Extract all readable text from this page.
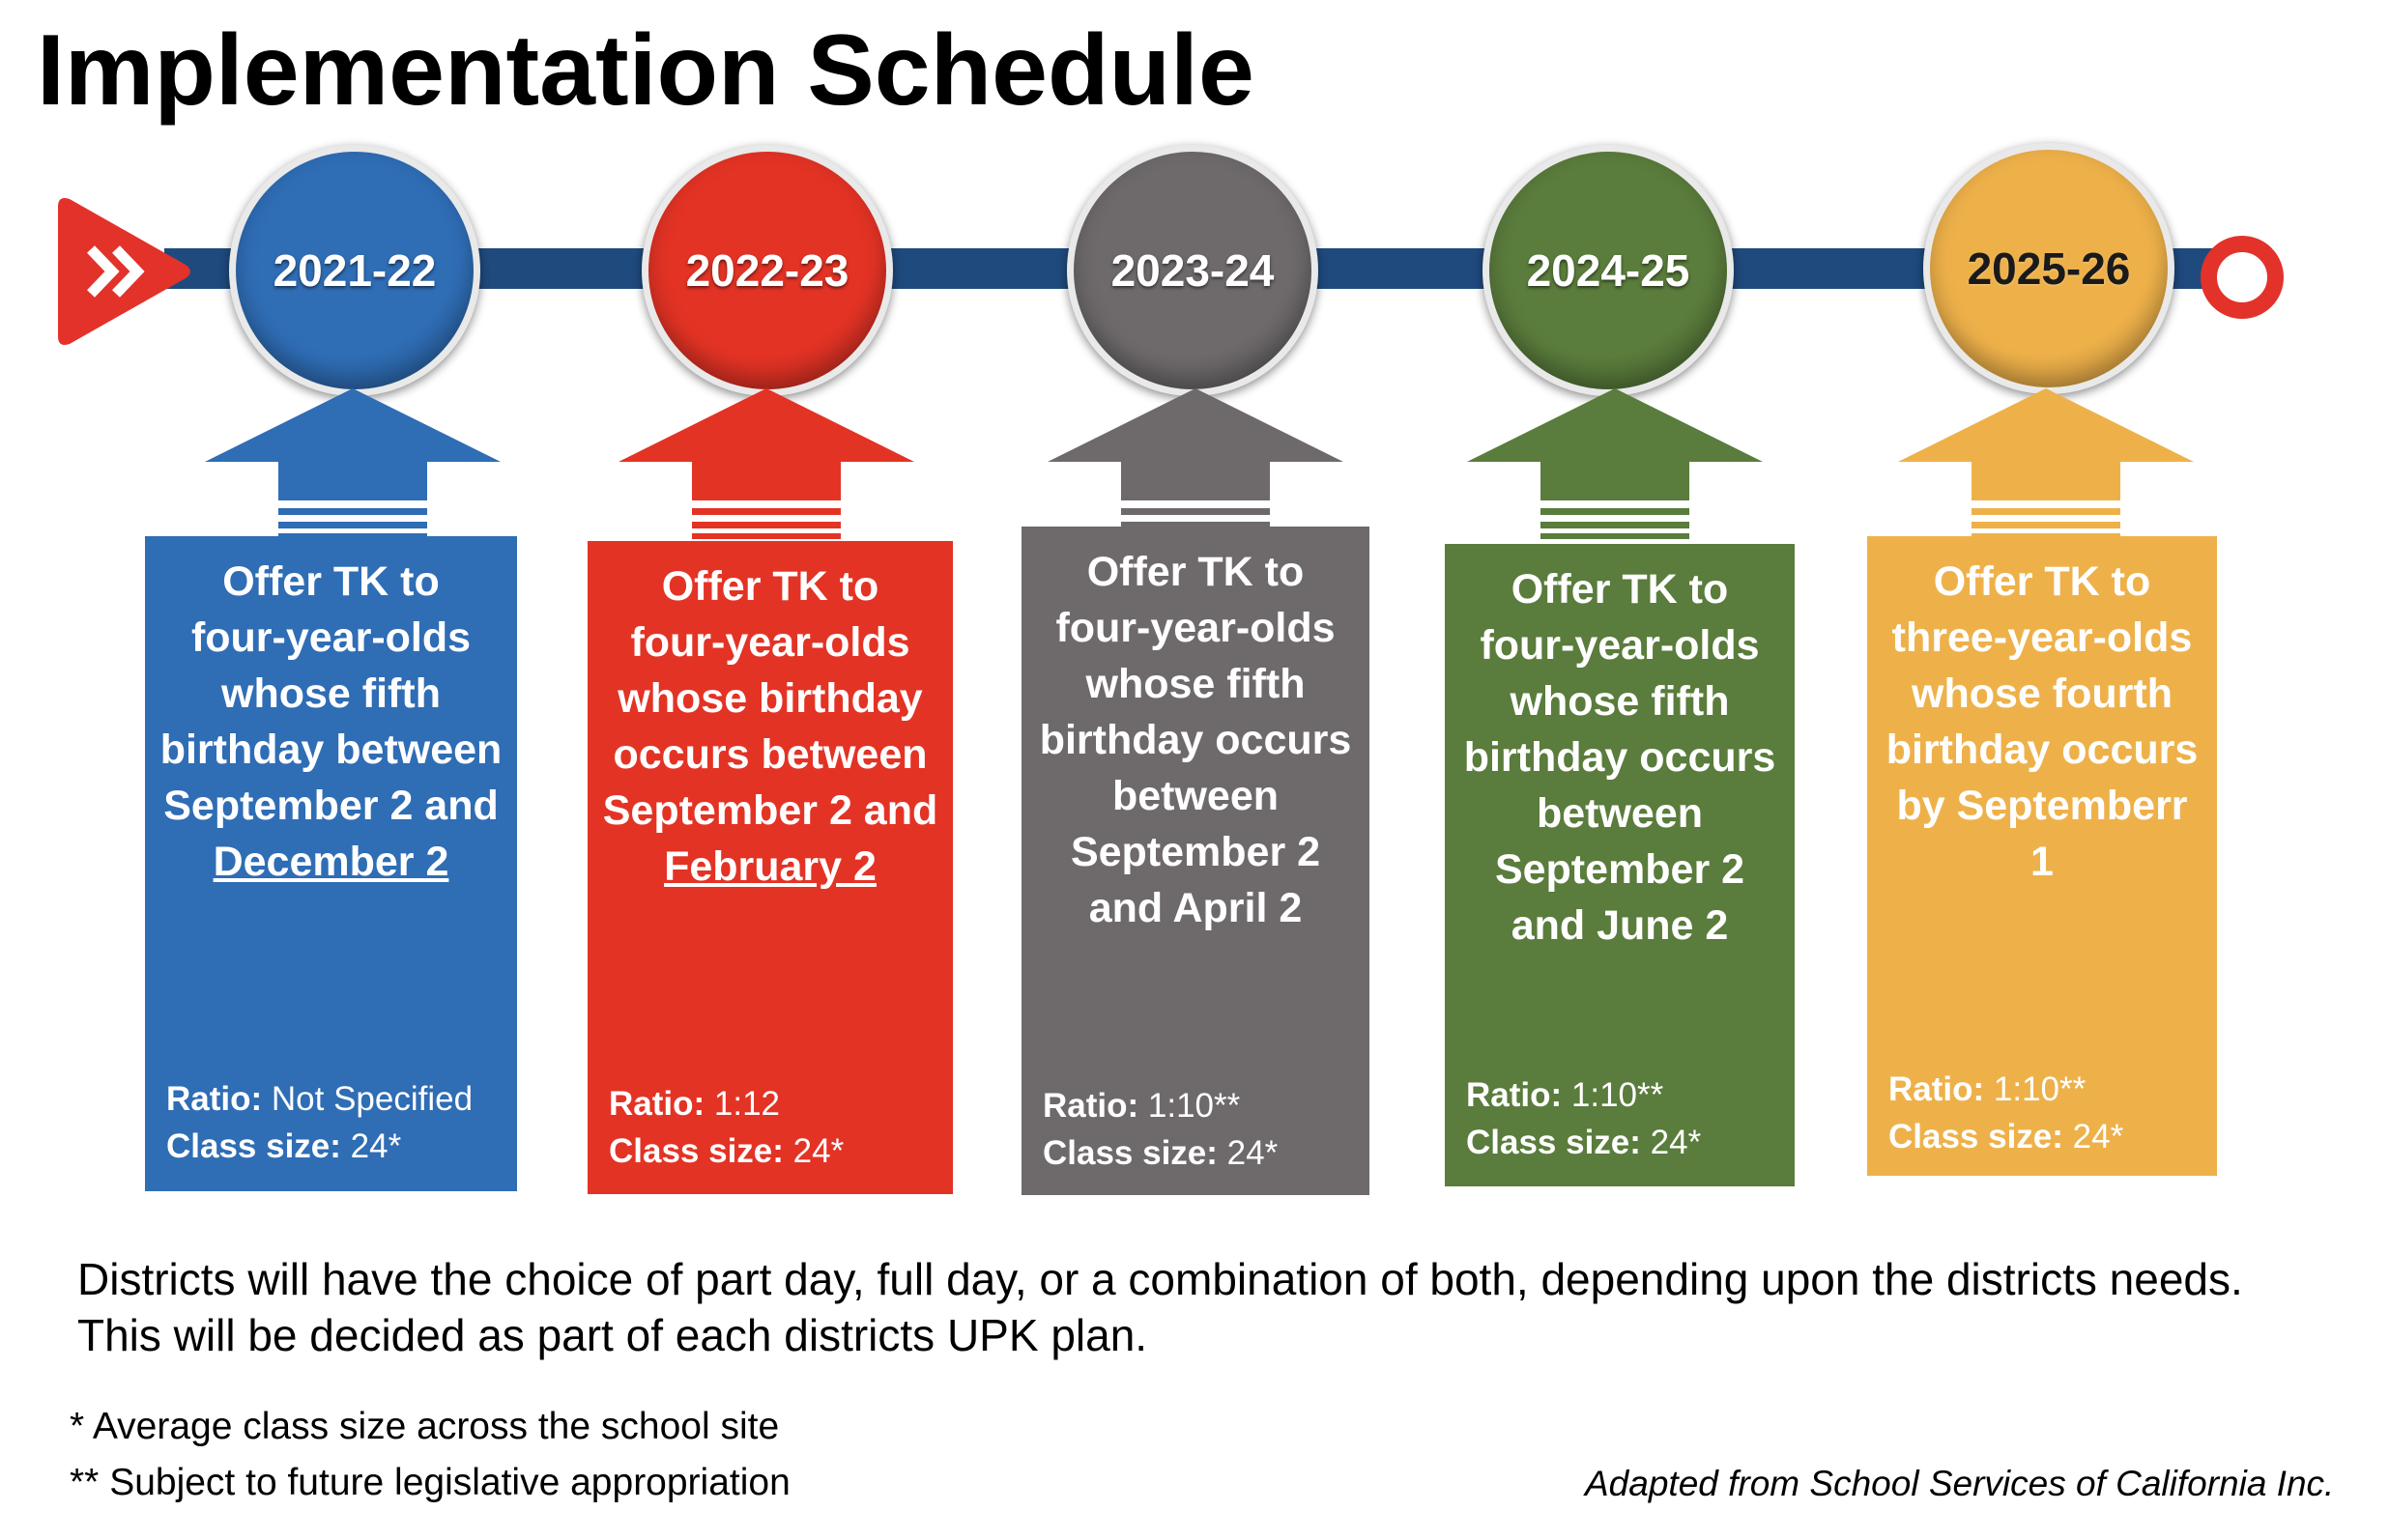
Implementation Schedule
2021-22
Offer TK to
four-year-olds
whose fifth
birthday between
September 2 and
December 2
Ratio: Not Specified
Class size: 24*
2022-23
Offer TK to
four-year-olds
whose birthday
occurs between
September 2 and
February 2
Ratio: 1:12
Class size: 24*
2023-24
Offer TK to
four-year-olds
whose fifth
birthday occurs
between
September 2
and April 2
Ratio: 1:10**
Class size: 24*
2024-25
Offer TK to
four-year-olds
whose fifth
birthday occurs
between
September 2
and June 2
Ratio: 1:10**
Class size: 24*
2025-26
Offer TK to
three-year-olds
whose fourth
birthday occurs
by Septemberr 1
Ratio: 1:10**
Class size: 24*
Districts will have the choice of part day, full day, or a combination of both, depending upon the districts needs.
This will be decided as part of each districts UPK plan.

* Average class size across the school site

** Subject to future legislative appropriation	Adapted from School Services of California Inc.
